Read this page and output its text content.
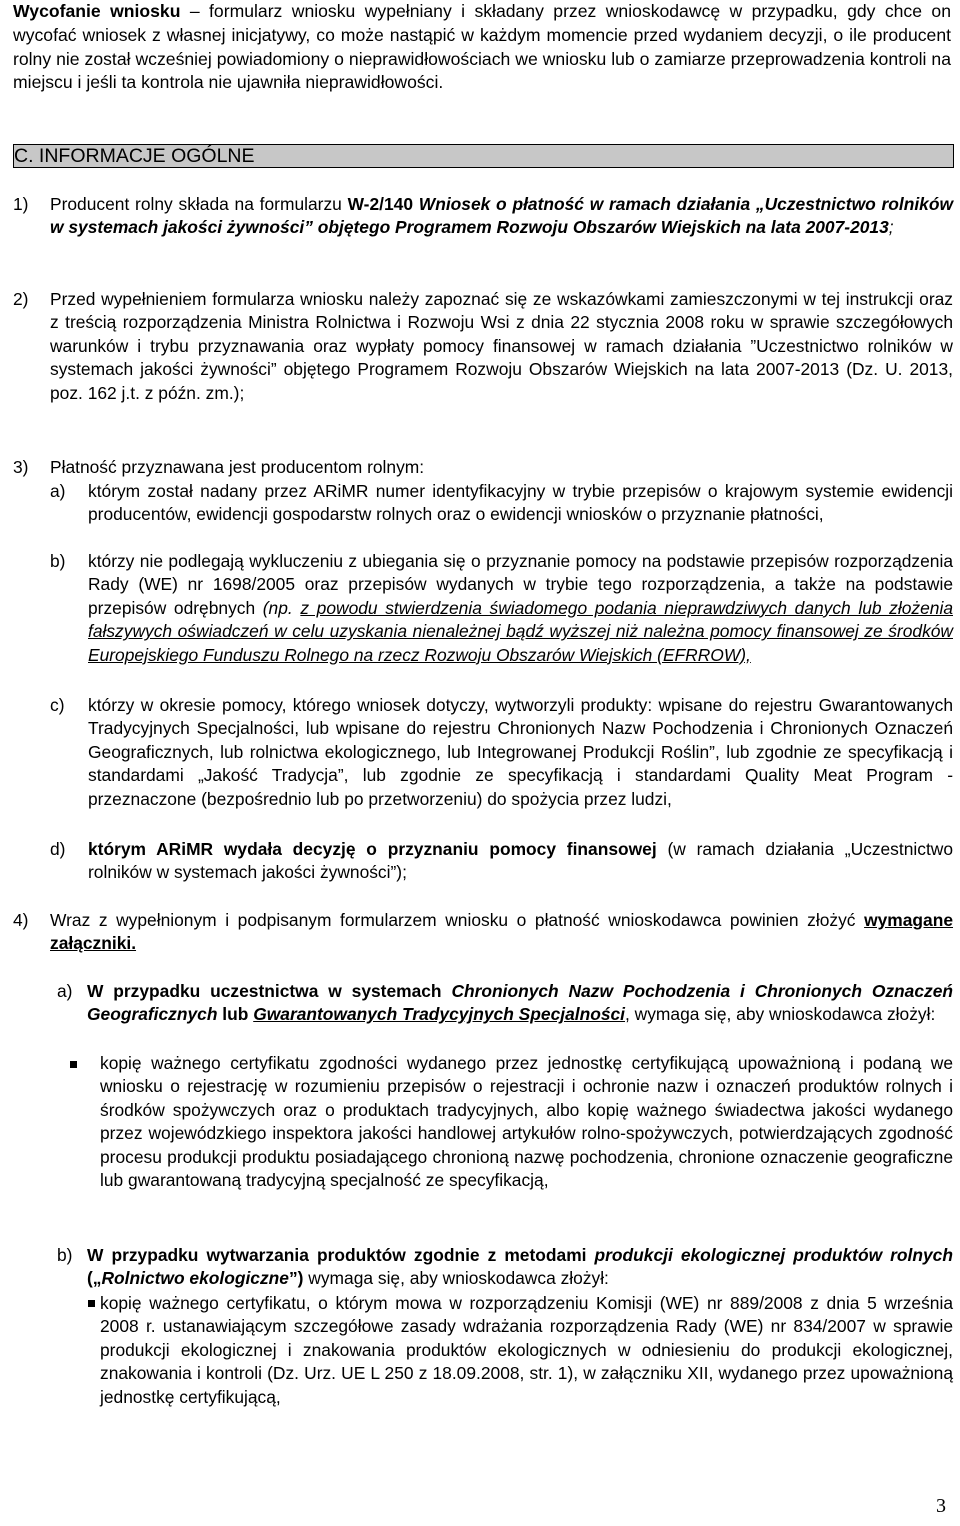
Wycofanie wniosku – formularz wniosku wypełniany i składany przez wnioskodawcę w przypadku, gdy chce on wycofać wniosek z własnej inicjatywy, co może nastąpić w każdym momencie przed wydaniem decyzji, o ile producent rolny nie został wcześniej powiadomiony o nieprawidłowościach we wniosku lub o zamiarze przeprowadzenia kontroli na miejscu i jeśli ta kontrola nie ujawniła nieprawidłowości.
C. INFORMACJE OGÓLNE
1) Producent rolny składa na formularzu W-2/140 Wniosek o płatność w ramach działania „Uczestnictwo rolników w systemach jakości żywności” objętego Programem Rozwoju Obszarów Wiejskich na lata 2007-2013;
2) Przed wypełnieniem formularza wniosku należy zapoznać się ze wskazówkami zamieszczonymi w tej instrukcji oraz z treścią rozporządzenia Ministra Rolnictwa i Rozwoju Wsi z dnia 22 stycznia 2008 roku w sprawie szczegółowych warunków i trybu przyznawania oraz wypłaty pomocy finansowej w ramach działania ”Uczestnictwo rolników w systemach jakości żywności” objętego Programem Rozwoju Obszarów Wiejskich na lata 2007-2013 (Dz. U. 2013, poz. 162 j.t. z późn. zm.);
3) Płatność przyznawana jest producentom rolnym:
a) którym został nadany przez ARiMR numer identyfikacyjny w trybie przepisów o krajowym systemie ewidencji producentów, ewidencji gospodarstw rolnych oraz o ewidencji wniosków o przyznanie płatności,
b) którzy nie podlegają wykluczeniu z ubiegania się o przyznanie pomocy na podstawie przepisów rozporządzenia Rady (WE) nr 1698/2005 oraz przepisów wydanych w trybie tego rozporządzenia, a także na podstawie przepisów odrębnych (np. z powodu stwierdzenia świadomego podania nieprawdziwych danych lub złożenia fałszywych oświadczeń w celu uzyskania nienależnej bądź wyższej niż należna pomocy finansowej ze środków Europejskiego Funduszu Rolnego na rzecz Rozwoju Obszarów Wiejskich (EFRROW),
c) którzy w okresie pomocy, którego wniosek dotyczy, wytworzyli produkty: wpisane do rejestru Gwarantowanych Tradycyjnych Specjalności, lub wpisane do rejestru Chronionych Nazw Pochodzenia i Chronionych Oznaczeń Geograficznych, lub rolnictwa ekologicznego, lub Integrowanej Produkcji Roślin”, lub zgodnie ze specyfikacją i standardami „Jakość Tradycja”, lub zgodnie ze specyfikacją i standardami Quality Meat Program - przeznaczone (bezpośrednio lub po przetworzeniu) do spożycia przez ludzi,
d) którym ARiMR wydała decyzję o przyznaniu pomocy finansowej (w ramach działania „Uczestnictwo rolników w systemach jakości żywności”);
4) Wraz z wypełnionym i podpisanym formularzem wniosku o płatność wnioskodawca powinien złożyć wymagane załączniki.
a) W przypadku uczestnictwa w systemach Chronionych Nazw Pochodzenia i Chronionych Oznaczeń Geograficznych lub Gwarantowanych Tradycyjnych Specjalności, wymaga się, aby wnioskodawca złożył:
kopię ważnego certyfikatu zgodności wydanego przez jednostkę certyfikującą upoważnioną i podaną we wniosku o rejestrację w rozumieniu przepisów o rejestracji i ochronie nazw i oznaczeń produktów rolnych i środków spożywczych oraz o produktach tradycyjnych, albo kopię ważnego świadectwa jakości wydanego przez wojewódzkiego inspektora jakości handlowej artykułów rolno-spożywczych, potwierdzających zgodność procesu produkcji produktu posiadającego chronioną nazwę pochodzenia, chronione oznaczenie geograficzne lub gwarantowaną tradycyjną specjalność ze specyfikacją,
b) W przypadku wytwarzania produktów zgodnie z metodami produkcji ekologicznej produktów rolnych („Rolnictwo ekologiczne”) wymaga się, aby wnioskodawca złożył:
kopię ważnego certyfikatu, o którym mowa w rozporządzeniu Komisji (WE) nr 889/2008 z dnia 5 września 2008 r. ustanawiającym szczegółowe zasady wdrażania rozporządzenia Rady (WE) nr 834/2007 w sprawie produkcji ekologicznej i znakowania produktów ekologicznych w odniesieniu do produkcji ekologicznej, znakowania i kontroli (Dz. Urz. UE L 250 z 18.09.2008, str. 1), w załączniku XII, wydanego przez upoważnioną jednostkę certyfikującą,
3
